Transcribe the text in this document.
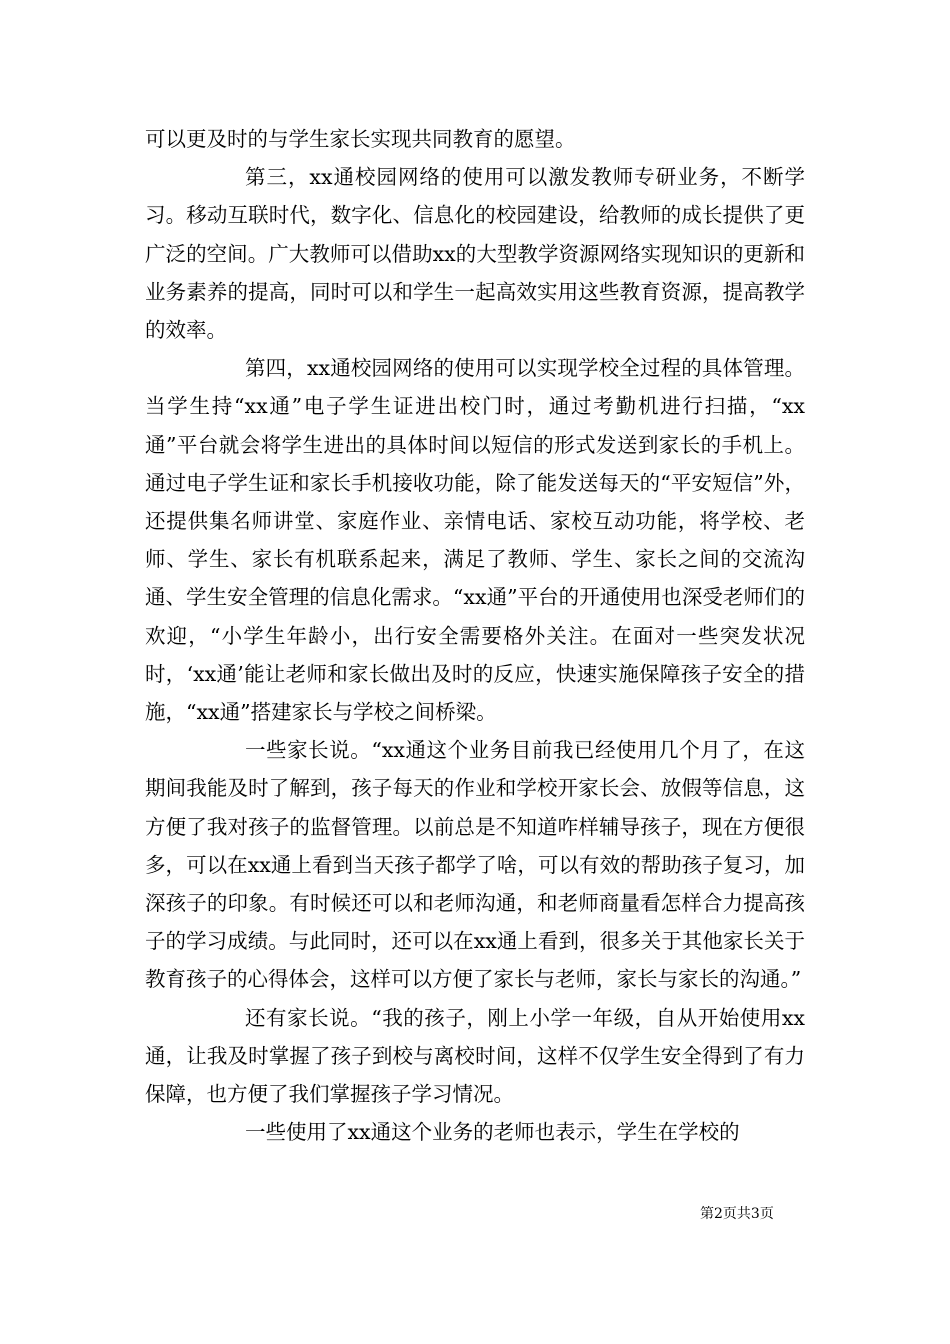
可以更及时的与学生家长实现共同教育的愿望。

第三，xx通校园网络的使用可以激发教师专研业务，不断学习。移动互联时代，数字化、信息化的校园建设，给教师的成长提供了更广泛的空间。广大教师可以借助xx的大型教学资源网络实现知识的更新和业务素养的提高，同时可以和学生一起高效实用这些教育资源，提高教学的效率。

第四，xx通校园网络的使用可以实现学校全过程的具体管理。当学生持“xx通”电子学生证进出校门时，通过考勤机进行扫描，“xx通”平台就会将学生进出的具体时间以短信的形式发送到家长的手机上。通过电子学生证和家长手机接收功能，除了能发送每天的“平安短信”外，还提供集名师讲堂、家庭作业、亲情电话、家校互动功能，将学校、老师、学生、家长有机联系起来，满足了教师、学生、家长之间的交流沟通、学生安全管理的信息化需求。“xx通”平台的开通使用也深受老师们的欢迎，“小学生年龄小，出行安全需要格外关注。在面对一些突发状况时，‘xx通’能让老师和家长做出及时的反应，快速实施保障孩子安全的措施，“xx通”搭建家长与学校之间桥梁。

一些家长说。“xx通这个业务目前我已经使用几个月了，在这期间我能及时了解到，孩子每天的作业和学校开家长会、放假等信息，这方便了我对孩子的监督管理。以前总是不知道咋样辅导孩子，现在方便很多，可以在xx通上看到当天孩子都学了啥，可以有效的帮助孩子复习，加深孩子的印象。有时候还可以和老师沟通，和老师商量看怎样合力提高孩子的学习成绩。与此同时，还可以在xx通上看到，很多关于其他家长关于教育孩子的心得体会，这样可以方便了家长与老师，家长与家长的沟通。”

还有家长说。“我的孩子，刚上小学一年级，自从开始使用xx通，让我及时掌握了孩子到校与离校时间，这样不仅学生安全得到了有力保障，也方便了我们掌握孩子学习情况。

一些使用了xx通这个业务的老师也表示，学生在学校的

第2页共3页
